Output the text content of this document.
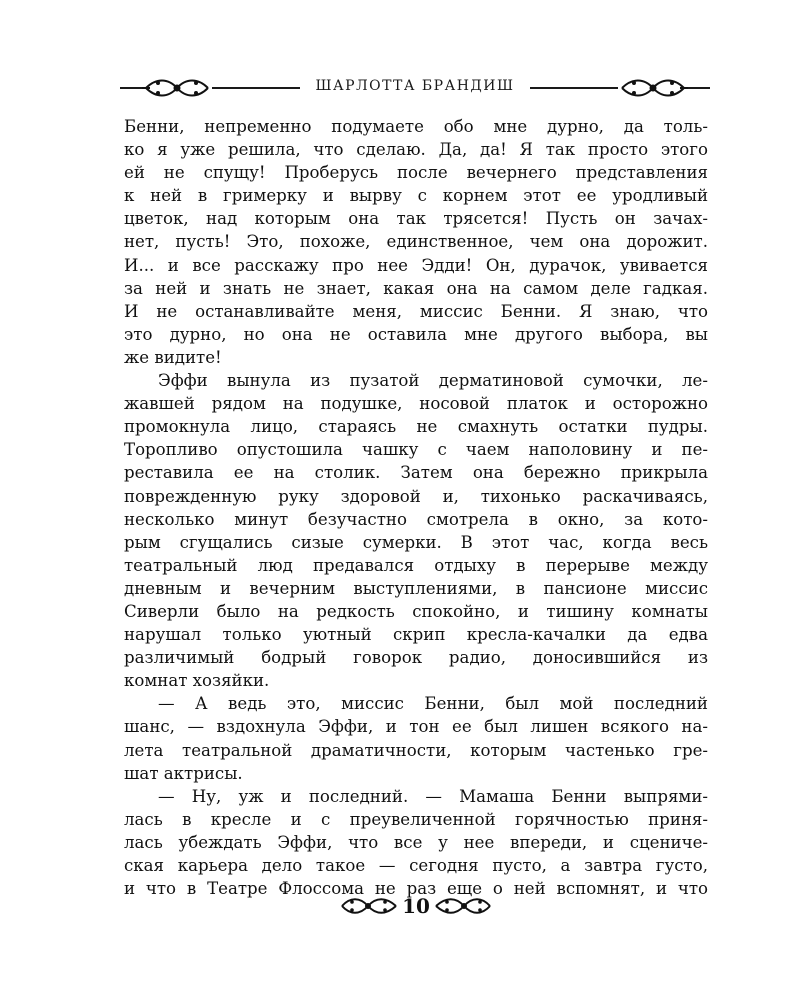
ШАРЛОТТА БРАНДИШ
Бенни, непременно подумаете обо мне дурно, да толь-
ко я уже решила, что сделаю. Да, да! Я так просто этого
ей не спущу! Проберусь после вечернего представления
к ней в гримерку и вырву с корнем этот ее уродливый
цветок, над которым она так трясется! Пусть он зачах-
нет, пусть! Это, похоже, единственное, чем она дорожит.
И... и все расскажу про нее Эдди! Он, дурачок, увивается
за ней и знать не знает, какая она на самом деле гадкая.
И не останавливайте меня, миссис Бенни. Я знаю, что
это дурно, но она не оставила мне другого выбора, вы
же видите!
Эффи вынула из пузатой дерматиновой сумочки, ле-
жавшей рядом на подушке, носовой платок и осторожно
промокнула лицо, стараясь не смахнуть остатки пудры.
Торопливо опустошила чашку с чаем наполовину и пе-
реставила ее на столик. Затем она бережно прикрыла
поврежденную руку здоровой и, тихонько раскачиваясь,
несколько минут безучастно смотрела в окно, за кото-
рым сгущались сизые сумерки. В этот час, когда весь
театральный люд предавался отдыху в перерыве между
дневным и вечерним выступлениями, в пансионе миссис
Сиверли было на редкость спокойно, и тишину комнаты
нарушал только уютный скрип кресла-качалки да едва
различимый бодрый говорок радио, доносившийся из
комнат хозяйки.
— А ведь это, миссис Бенни, был мой последний
шанс, — вздохнула Эффи, и тон ее был лишен всякого на-
лета театральной драматичности, которым частенько гре-
шат актрисы.
— Ну, уж и последний. — Мамаша Бенни выпрями-
лась в кресле и с преувеличенной горячностью приня-
лась убеждать Эффи, что все у нее впереди, и сцениче-
ская карьера дело такое — сегодня пусто, а завтра густо,
и что в Театре Флоссома не раз еще о ней вспомнят, и что
10
